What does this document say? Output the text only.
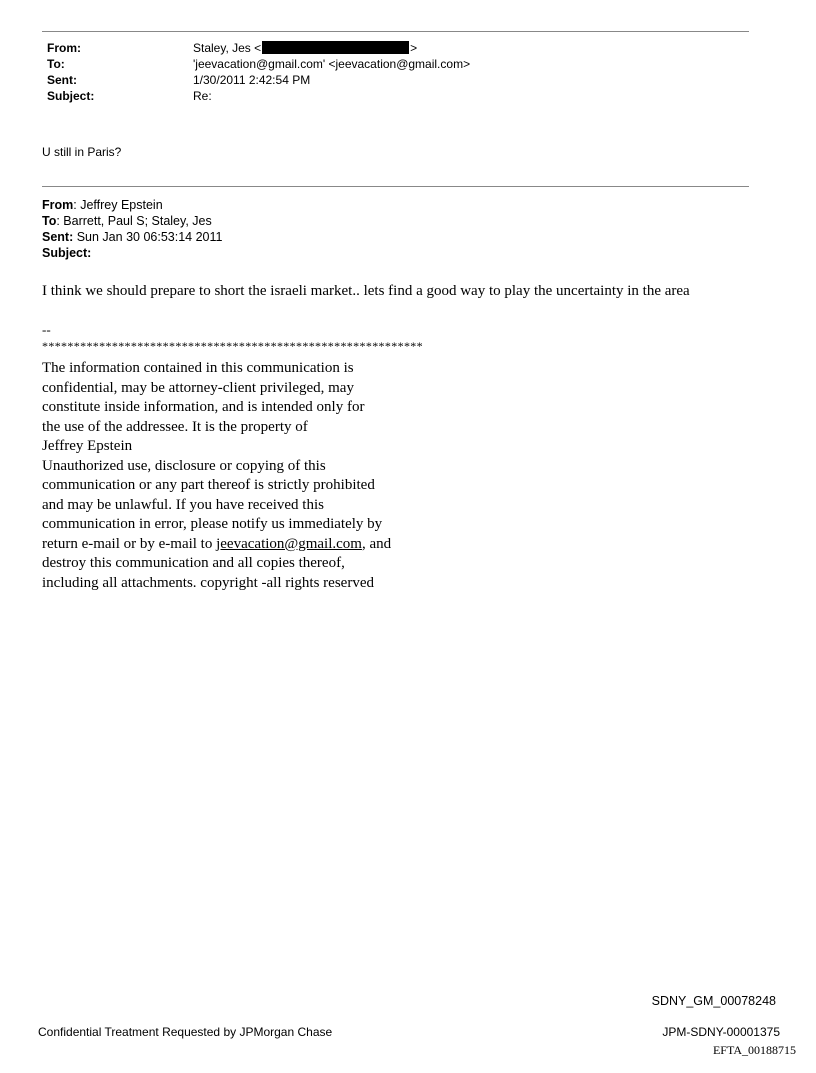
From:	Staley, Jes <	>
To:	'jeevacation@gmail.com' <jeevacation@gmail.com>
Sent:	1/30/2011 2:42:54 PM
Subject:	Re:
U still in Paris?
From: Jeffrey Epstein
To: Barrett, Paul S; Staley, Jes
Sent: Sun Jan 30 06:53:14 2011
Subject:
I think we should prepare to short the israeli market.. lets find a good way to play the uncertainty in the area
--
************************************************************
The information contained in this communication is
confidential, may be attorney-client privileged, may
constitute inside information, and is intended only for
the use of the addressee. It is the property of
Jeffrey Epstein
Unauthorized use, disclosure or copying of this
communication or any part thereof is strictly prohibited
and may be unlawful. If you have received this
communication in error, please notify us immediately by
return e-mail or by e-mail to jeevacation@gmail.com, and
destroy this communication and all copies thereof,
including all attachments. copyright -all rights reserved
SDNY_GM_00078248
Confidential Treatment Requested by JPMorgan Chase	JPM-SDNY-00001375
EFTA_00188715
